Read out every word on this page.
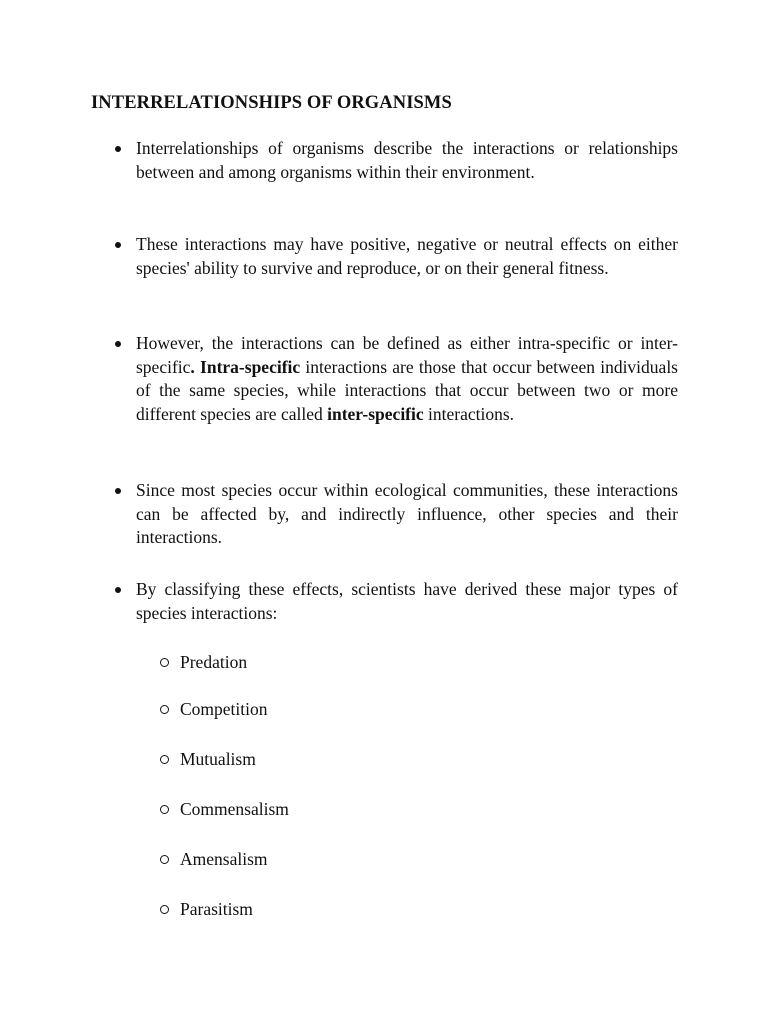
INTERRELATIONSHIPS OF ORGANISMS
Interrelationships of organisms describe the interactions or relationships between and among organisms within their environment.
These interactions may have positive, negative or neutral effects on either species' ability to survive and reproduce, or on their general fitness.
However, the interactions can be defined as either intra-specific or inter-specific. Intra-specific interactions are those that occur between individuals of the same species, while interactions that occur between two or more different species are called inter-specific interactions.
Since most species occur within ecological communities, these interactions can be affected by, and indirectly influence, other species and their interactions.
By classifying these effects, scientists have derived these major types of species interactions:
Predation
Competition
Mutualism
Commensalism
Amensalism
Parasitism
